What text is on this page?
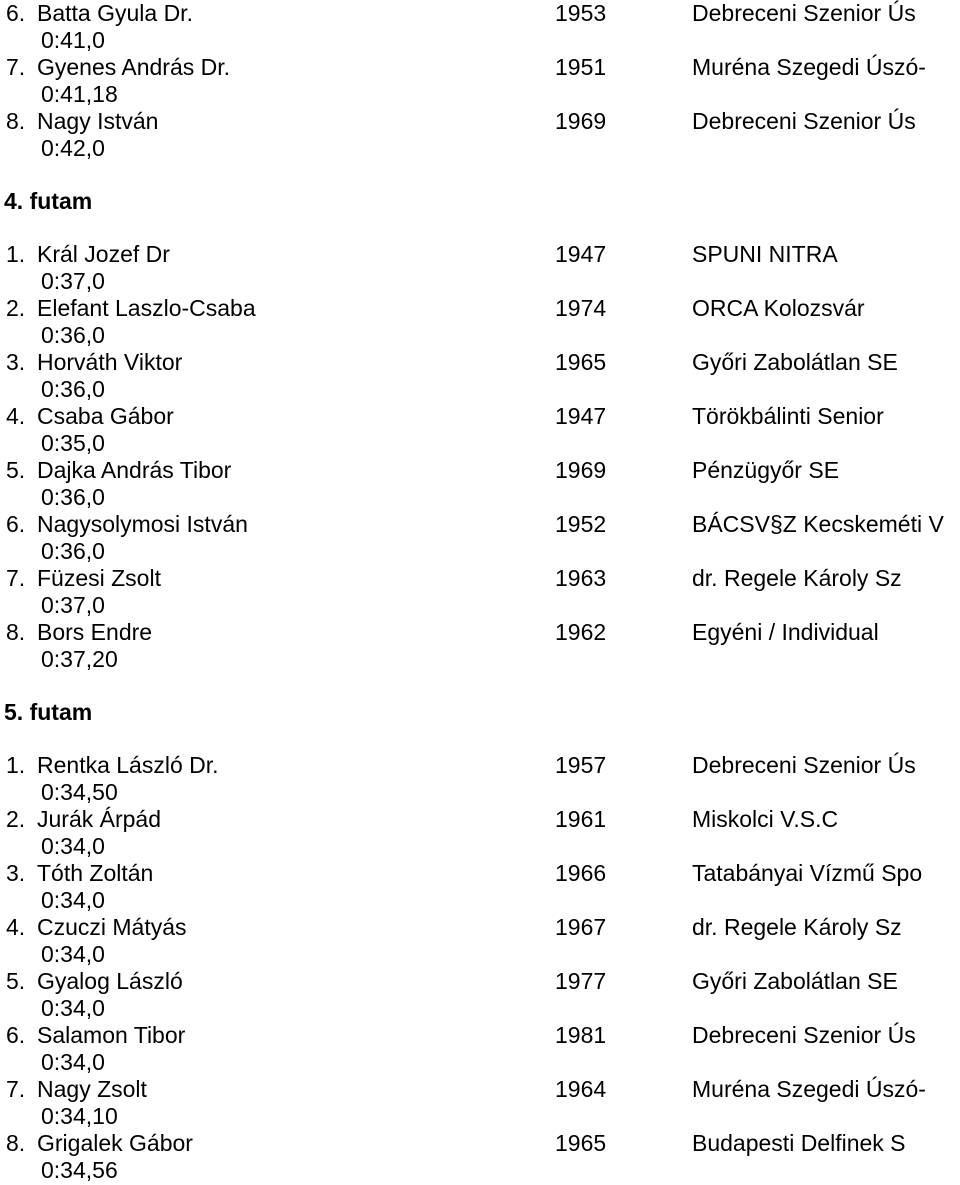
6. Batta Gyula Dr.	1953	Debreceni Szenior Ús
0:41,0
7. Gyenes András Dr.	1951	Muréna Szegedi Úszó-
0:41,18
8. Nagy István	1969	Debreceni Szenior Ús
0:42,0
4. futam
1. Král Jozef Dr	1947	SPUNI NITRA
0:37,0
2. Elefant Laszlo-Csaba	1974	ORCA Kolozsvár
0:36,0
3. Horváth Viktor	1965	Győri Zabolátlan SE
0:36,0
4. Csaba Gábor	1947	Törökbálinti Senior
0:35,0
5. Dajka András Tibor	1969	Pénzügyőr SE
0:36,0
6. Nagysolymosi István	1952	BÁCSV§Z Kecskeméti V
0:36,0
7. Füzesi Zsolt	1963	dr. Regele Károly Sz
0:37,0
8. Bors Endre	1962	Egyéni / Individual
0:37,20
5. futam
1. Rentka László Dr.	1957	Debreceni Szenior Ús
0:34,50
2. Jurák Árpád	1961	Miskolci V.S.C
0:34,0
3. Tóth Zoltán	1966	Tatabányai Vízmű Spo
0:34,0
4. Czuczi Mátyás	1967	dr. Regele Károly Sz
0:34,0
5. Gyalog László	1977	Győri Zabolátlan SE
0:34,0
6. Salamon Tibor	1981	Debreceni Szenior Ús
0:34,0
7. Nagy Zsolt	1964	Muréna Szegedi Úszó-
0:34,10
8. Grigalek Gábor	1965	Budapesti Delfinek S
0:34,56
